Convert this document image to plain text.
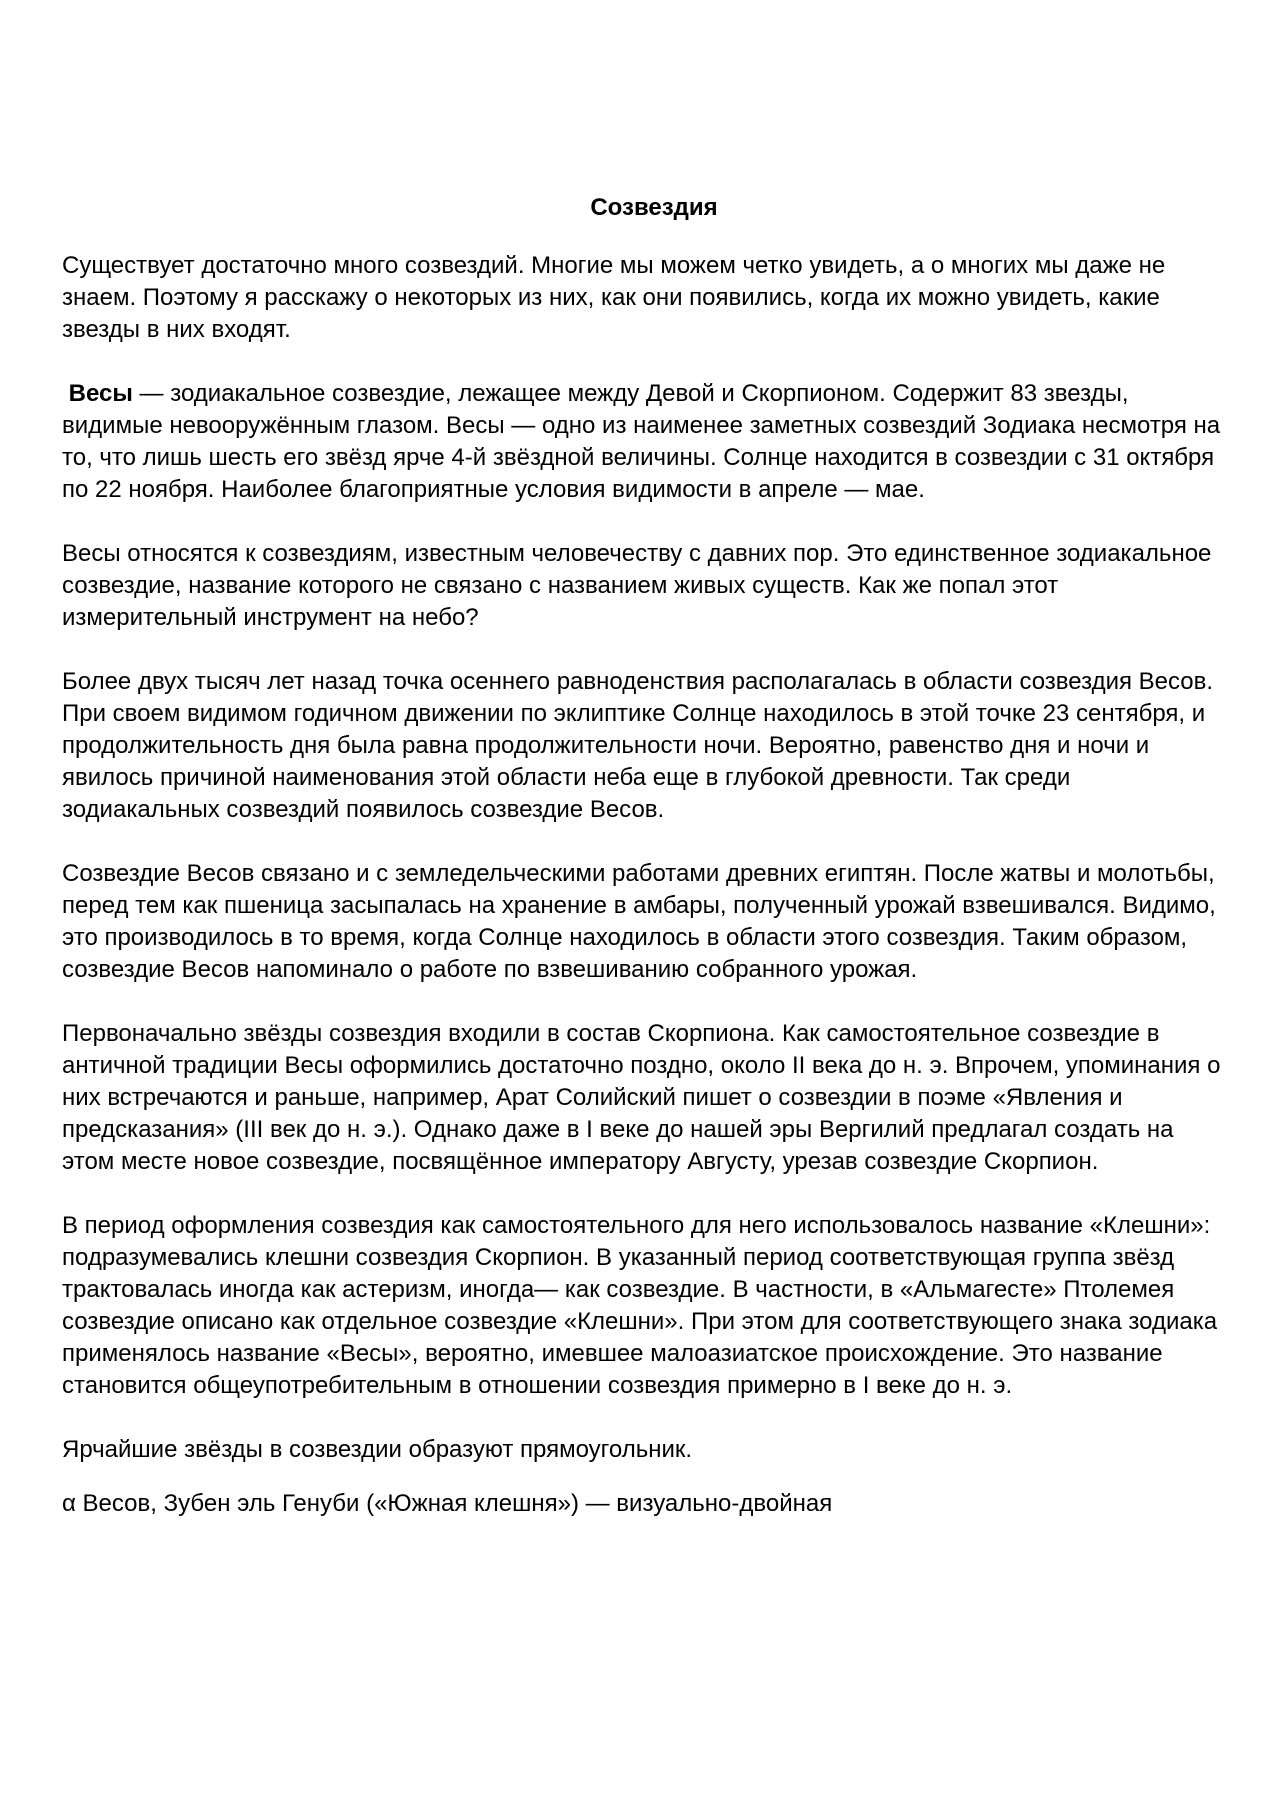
Созвездия

Существует достаточно много созвездий. Многие мы можем четко увидеть, а о многих мы даже не знаем. Поэтому я расскажу о некоторых из них, как они появились, когда их можно увидеть, какие звезды в них входят.

Весы — зодиакальное созвездие, лежащее между Девой и Скорпионом. Содержит 83 звезды, видимые невооружённым глазом. Весы — одно из наименее заметных созвездий Зодиака несмотря на то, что лишь шесть его звёзд ярче 4-й звёздной величины. Солнце находится в созвездии с 31 октября по 22 ноября. Наиболее благоприятные условия видимости в апреле — мае.

Весы относятся к созвездиям, известным человечеству с давних пор. Это единственное зодиакальное созвездие, название которого не связано с названием живых существ. Как же попал этот измерительный инструмент на небо?

Более двух тысяч лет назад точка осеннего равноденствия располагалась в области созвездия Весов. При своем видимом годичном движении по эклиптике Солнце находилось в этой точке 23 сентября, и продолжительность дня была равна продолжительности ночи. Вероятно, равенство дня и ночи и явилось причиной наименования этой области неба еще в глубокой древности. Так среди зодиакальных созвездий появилось созвездие Весов.

Созвездие Весов связано и с земледельческими работами древних египтян. После жатвы и молотьбы, перед тем как пшеница засыпалась на хранение в амбары, полученный урожай взвешивался. Видимо, это производилось в то время, когда Солнце находилось в области этого созвездия. Таким образом, созвездие Весов напоминало о работе по взвешиванию собранного урожая.

Первоначально звёзды созвездия входили в состав Скорпиона. Как самостоятельное созвездие в античной традиции Весы оформились достаточно поздно, около II века до н. э. Впрочем, упоминания о них встречаются и раньше, например, Арат Солийский пишет о созвездии в поэме «Явления и предсказания» (III век до н. э.). Однако даже в I веке до нашей эры Вергилий предлагал создать на этом месте новое созвездие, посвящённое императору Августу, урезав созвездие Скорпион.

В период оформления созвездия как самостоятельного для него использовалось название «Клешни»: подразумевались клешни созвездия Скорпион. В указанный период соответствующая группа звёзд трактовалась иногда как астеризм, иногда— как созвездие. В частности, в «Альмагесте» Птолемея созвездие описано как отдельное созвездие «Клешни». При этом для соответствующего знака зодиака применялось название «Весы», вероятно, имевшее малоазиатское происхождение. Это название становится общеупотребительным в отношении созвездия примерно в I веке до н. э.

Ярчайшие звёзды в созвездии образуют прямоугольник.

α Весов, Зубен эль Генуби («Южная клешня») — визуально-двойная
